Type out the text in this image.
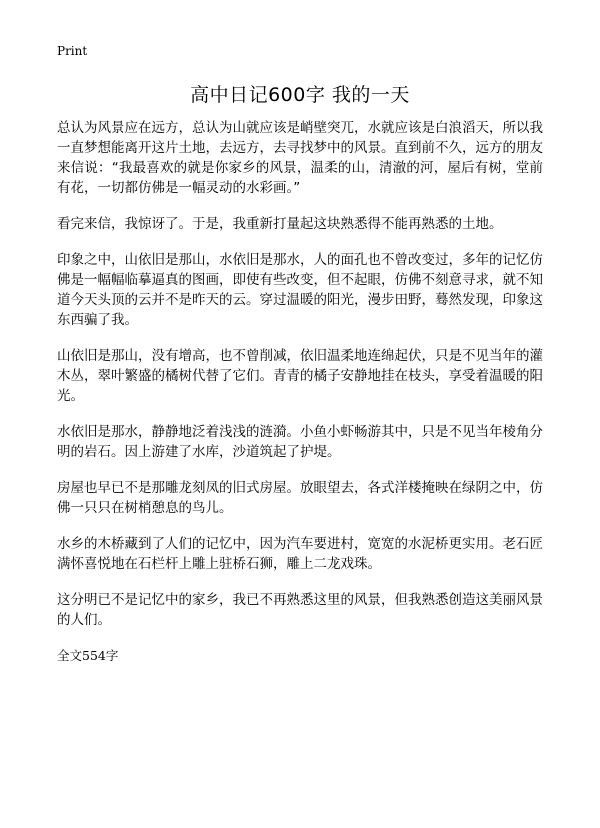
Print
高中日记600字 我的一天

总认为风景应在远方，总认为山就应该是峭壁突兀，水就应该是白浪滔天，所以我一直梦想能离开这片土地，去远方，去寻找梦中的风景。直到前不久，远方的朋友来信说：“我最喜欢的就是你家乡的风景，温柔的山，清澈的河，屋后有树，堂前有花，一切都仿佛是一幅灵动的水彩画。”

看完来信，我惊讶了。于是，我重新打量起这块熟悉得不能再熟悉的土地。

印象之中，山依旧是那山，水依旧是那水，人的面孔也不曾改变过，多年的记忆仿佛是一幅幅临摹逼真的图画，即使有些改变，但不起眼，仿佛不刻意寻求，就不知道今天头顶的云并不是昨天的云。穿过温暖的阳光，漫步田野，蓦然发现，印象这东西骗了我。

山依旧是那山，没有增高，也不曾削减，依旧温柔地连绵起伏，只是不见当年的灌木丛，翠叶繁盛的橘树代替了它们。青青的橘子安静地挂在枝头，享受着温暖的阳光。

水依旧是那水，静静地泛着浅浅的涟漪。小鱼小虾畅游其中，只是不见当年棱角分明的岩石。因上游建了水库，沙道筑起了护堤。

房屋也早已不是那雕龙刻凤的旧式房屋。放眼望去，各式洋楼掩映在绿阴之中，仿佛一只只在树梢憩息的鸟儿。

水乡的木桥藏到了人们的记忆中，因为汽车要进村，宽宽的水泥桥更实用。老石匠满怀喜悦地在石栏杆上雕上驻桥石狮，雕上二龙戏珠。

这分明已不是记忆中的家乡，我已不再熟悉这里的风景，但我熟悉创造这美丽风景的人们。

全文554字
